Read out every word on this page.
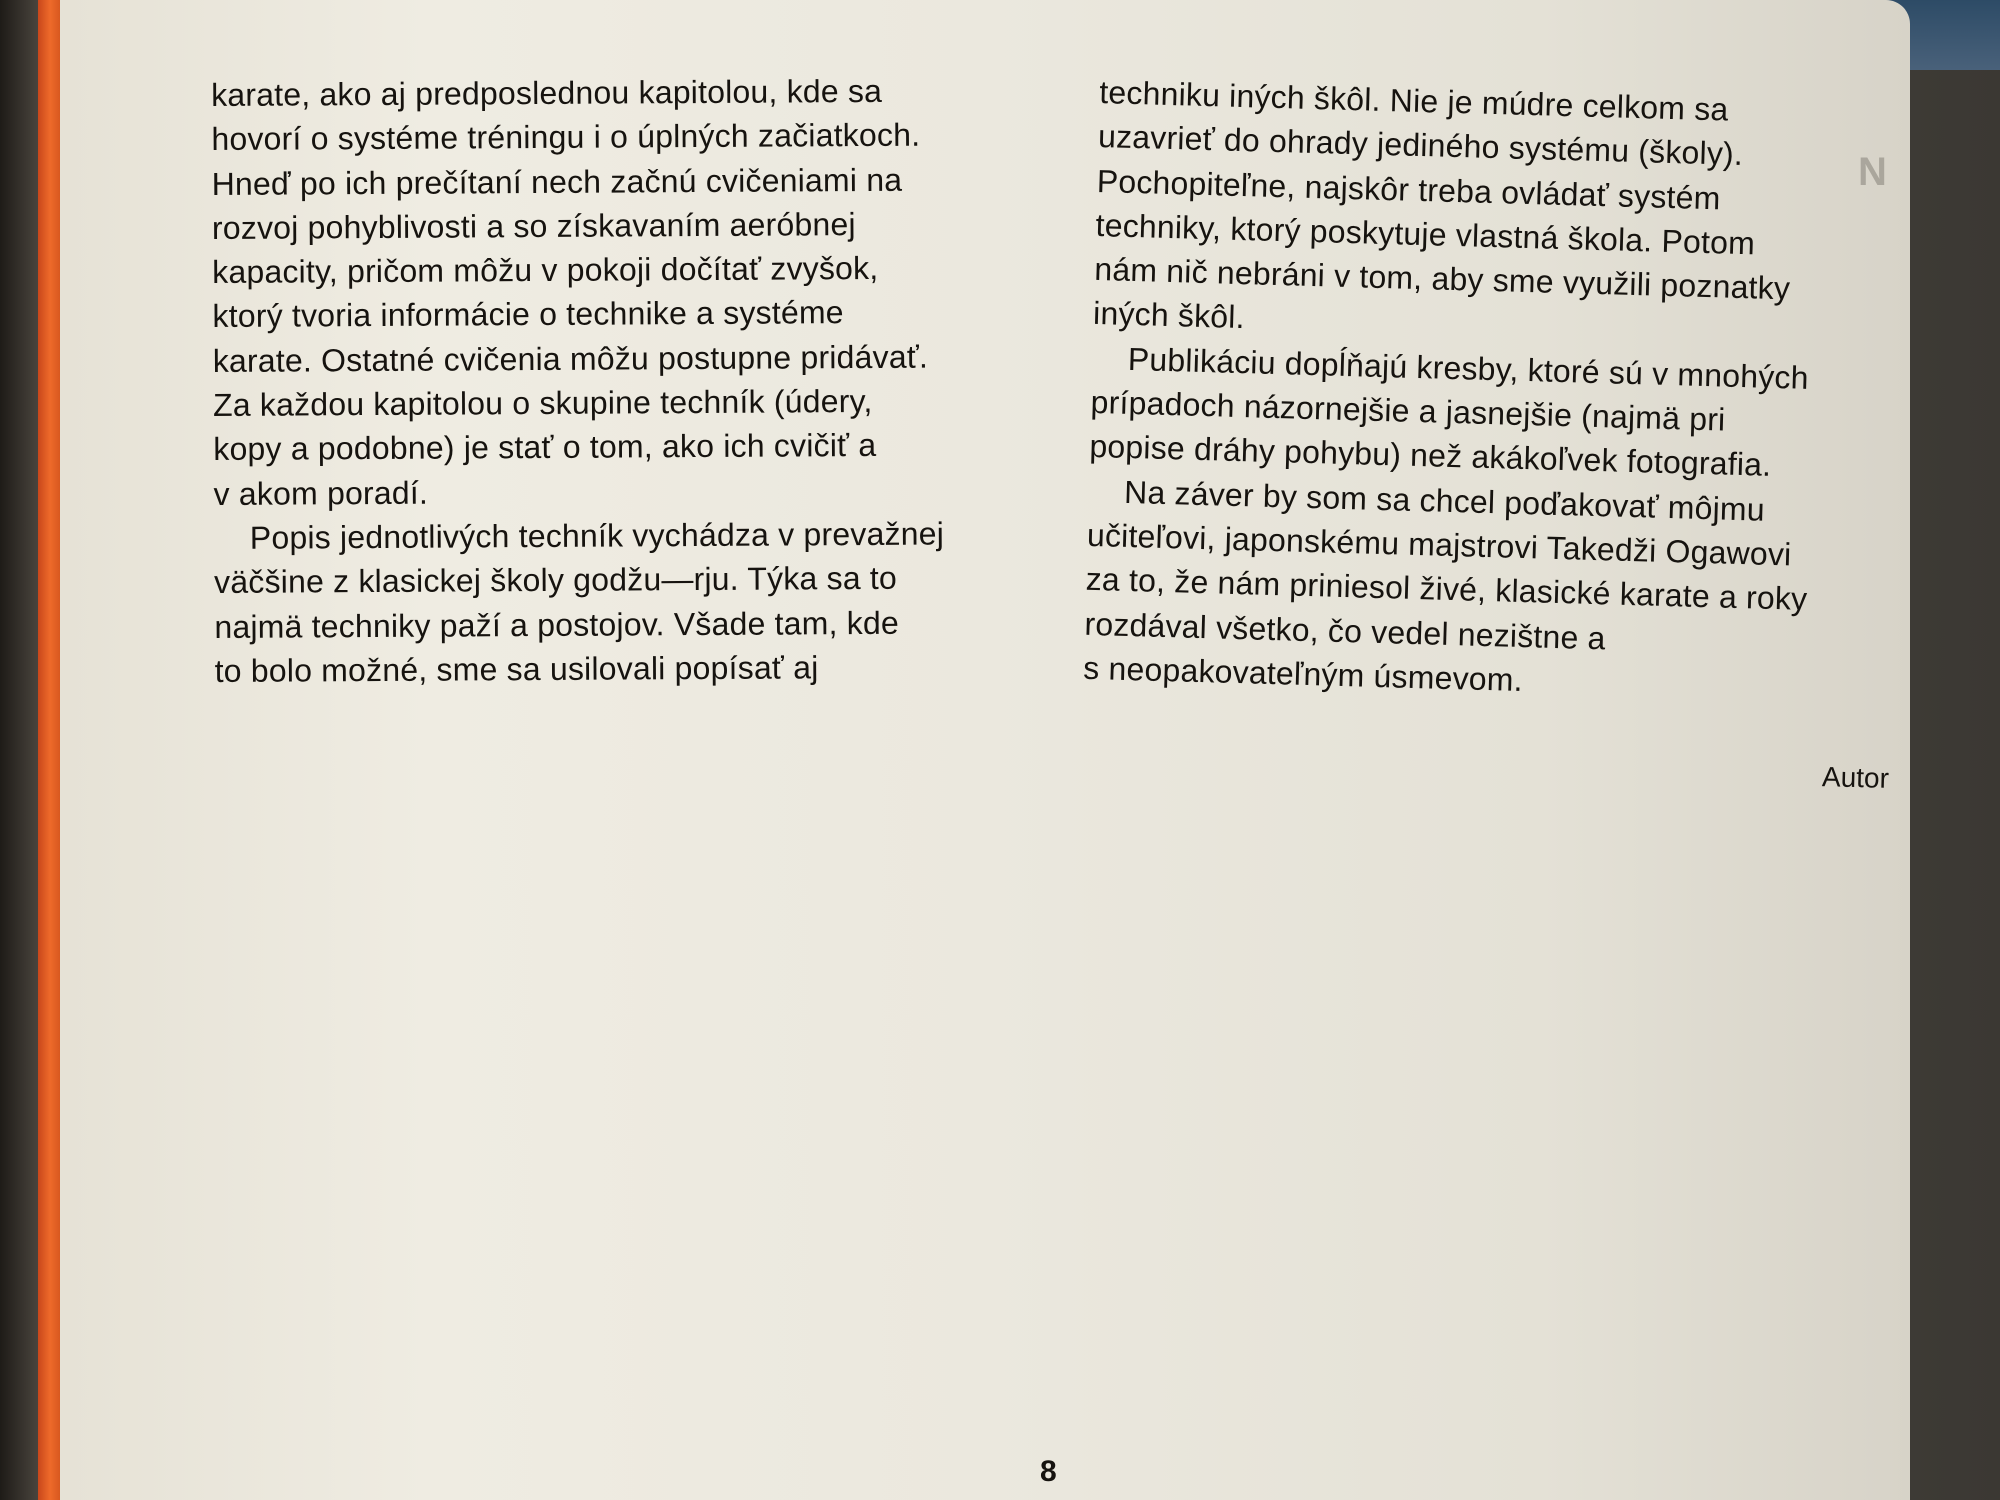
N
karate, ako aj predposlednou kapitolou, kde sa
hovorí o systéme tréningu i o úplných začiatkoch.
Hneď po ich prečítaní nech začnú cvičeniami na
rozvoj pohyblivosti a so získavaním aeróbnej
kapacity, pričom môžu v pokoji dočítať zvyšok,
ktorý tvoria informácie o technike a systéme
karate. Ostatné cvičenia môžu postupne pridávať.
Za každou kapitolou o skupine techník (údery,
kopy a podobne) je stať o tom, ako ich cvičiť a
v akom poradí.
Popis jednotlivých techník vychádza v prevažnej
väčšine z klasickej školy godžu—rju. Týka sa to
najmä techniky paží a postojov. Všade tam, kde
to bolo možné, sme sa usilovali popísať aj
techniku iných škôl. Nie je múdre celkom sa
uzavrieť do ohrady jediného systému (školy).
Pochopiteľne, najskôr treba ovládať systém
techniky, ktorý poskytuje vlastná škola. Potom
nám nič nebráni v tom, aby sme využili poznatky
iných škôl.
Publikáciu dopĺňajú kresby, ktoré sú v mnohých
prípadoch názornejšie a jasnejšie (najmä pri
popise dráhy pohybu) než akákoľvek fotografia.
Na záver by som sa chcel poďakovať môjmu
učiteľovi, japonskému majstrovi Takedži Ogawovi
za to, že nám priniesol živé, klasické karate a roky
rozdával všetko, čo vedel nezištne a
s neopakovateľným úsmevom.
Autor
8
